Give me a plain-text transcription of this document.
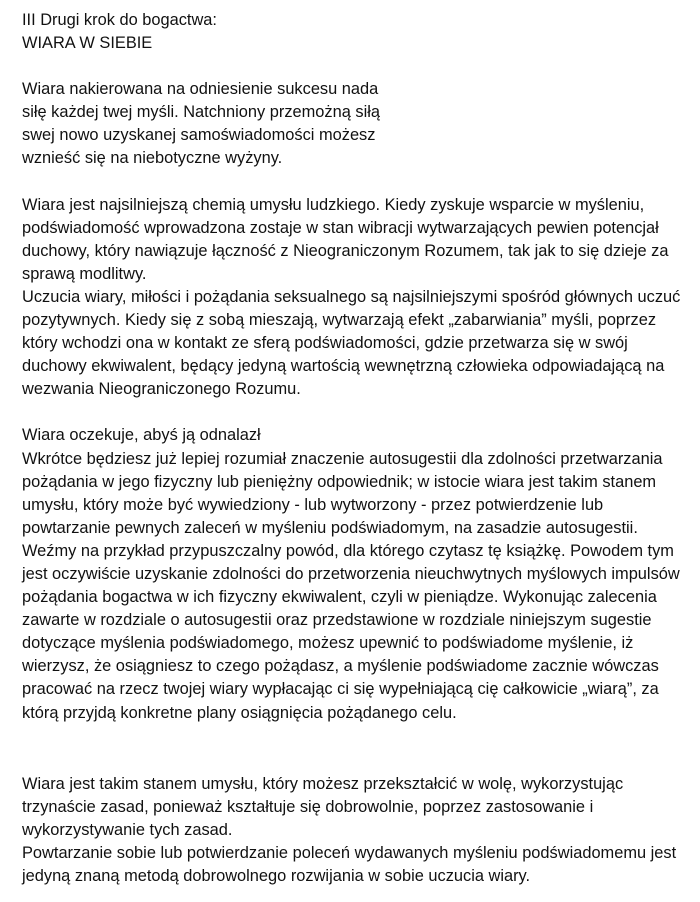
III Drugi krok do bogactwa:
WIARA W SIEBIE

Wiara nakierowana na odniesienie sukcesu nada
siłę każdej twej myśli. Natchniony przemożną siłą
swej nowo uzyskanej samoświadomości możesz
wznieść się na niebotyczne wyżyny.

Wiara jest najsilniejszą chemią umysłu ludzkiego. Kiedy zyskuje wsparcie w myśleniu,
podświadomość wprowadzona zostaje w stan wibracji wytwarzających pewien potencjał
duchowy, który nawiązuje łączność z Nieograniczonym Rozumem, tak jak to się dzieje za
sprawą modlitwy.

Uczucia wiary, miłości i pożądania seksualnego są najsilniejszymi spośród głównych uczuć
pozytywnych. Kiedy się z sobą mieszają, wytwarzają efekt „zabarwiania” myśli, poprzez
który wchodzi ona w kontakt ze sferą podświadomości, gdzie przetwarza się w swój
duchowy ekwiwalent, będący jedyną wartością wewnętrzną człowieka odpowiadającą na
wezwania Nieograniczonego Rozumu.

Wiara oczekuje, abyś ją odnalazł

Wkrótce będziesz już lepiej rozumiał znaczenie autosugestii dla zdolności przetwarzania
pożądania w jego fizyczny lub pieniężny odpowiednik; w istocie wiara jest takim stanem
umysłu, który może być wywiedziony - lub wytworzony - przez potwierdzenie lub
powtarzanie pewnych zaleceń w myśleniu podświadomym, na zasadzie autosugestii.

Weźmy na przykład przypuszczalny powód, dla którego czytasz tę książkę. Powodem tym
jest oczywiście uzyskanie zdolności do przetworzenia nieuchwytnych myślowych impulsów
pożądania bogactwa w ich fizyczny ekwiwalent, czyli w pieniądze. Wykonując zalecenia
zawarte w rozdziale o autosugestii oraz przedstawione w rozdziale niniejszym sugestie
dotyczące myślenia podświadomego, możesz upewnić to podświadome myślenie, iż
wierzysz, że osiągniesz to czego pożądasz, a myślenie podświadome zacznie wówczas
pracować na rzecz twojej wiary wypłacając ci się wypełniającą cię całkowicie „wiarą”, za
którą przyjdą konkretne plany osiągnięcia pożądanego celu.

Wiara jest takim stanem umysłu, który możesz przekształcić w wolę, wykorzystując
trzynaście zasad, ponieważ kształtuje się dobrowolnie, poprzez zastosowanie i
wykorzystywanie tych zasad.

Powtarzanie sobie lub potwierdzanie poleceń wydawanych myśleniu podświadomemu jest
jedyną znaną metodą dobrowolnego rozwijania w sobie uczucia wiary.
